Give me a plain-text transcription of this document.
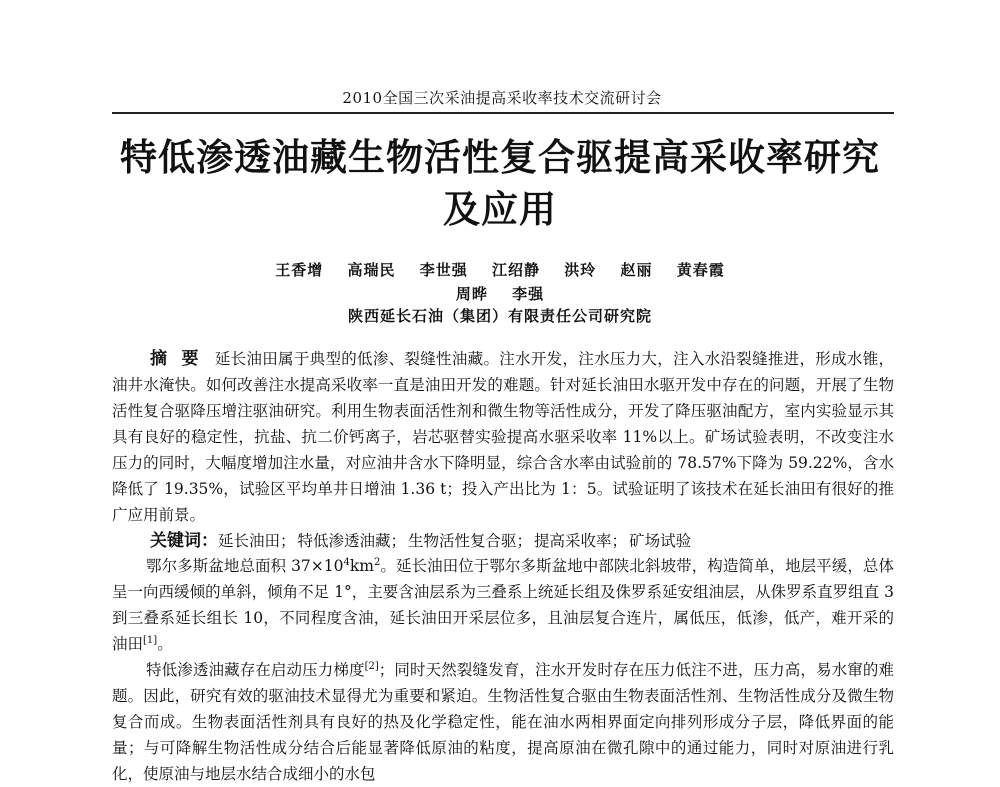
2010全国三次采油提高采收率技术交流研讨会
特低渗透油藏生物活性复合驱提高采收率研究
及应用
王香增 高瑞民 李世强 江绍静 洪玲 赵丽 黄春霞
周晔 李强
陕西延长石油（集团）有限责任公司研究院

摘 要 延长油田属于典型的低渗、裂缝性油藏。注水开发，注水压力大，注入水沿裂缝推进，形成水锥，油井水淹快。如何改善注水提高采收率一直是油田开发的难题。针对延长油田水驱开发中存在的问题，开展了生物活性复合驱降压增注驱油研究。利用生物表面活性剂和微生物等活性成分，开发了降压驱油配方，室内实验显示其具有良好的稳定性，抗盐、抗二价钙离子，岩芯驱替实验提高水驱采收率 11%以上。矿场试验表明，不改变注水压力的同时，大幅度增加注水量，对应油井含水下降明显，综合含水率由试验前的 78.57%下降为 59.22%，含水降低了 19.35%，试验区平均单井日增油 1.36 t；投入产出比为 1：5。试验证明了该技术在延长油田有很好的推广应用前景。

关键词：延长油田； 特低渗透油藏； 生物活性复合驱； 提高采收率； 矿场试验

鄂尔多斯盆地总面积 $37\times 10^4km^2$。延长油田位于鄂尔多斯盆地中部陕北斜坡带，构造简单，地层平缓，总体呈一向西缓倾的单斜，倾角不足 1°，主要含油层系为三叠系上统延长组及侏罗系延安组油层，从侏罗系直罗组直 3 到三叠系延长组长 10，不同程度含油，延长油田开采层位多，且油层复合连片，属低压，低渗，低产，难开采的油田[1]。

特低渗透油藏存在启动压力梯度[2]；同时天然裂缝发育，注水开发时存在压力低注不进，压力高，易水窜的难题。因此，研究有效的驱油技术显得尤为重要和紧迫。生物活性复合驱由生物表面活性剂、生物活性成分及微生物复合而成。生物表面活性剂具有良好的热及化学稳定性，能在油水两相界面定向排列形成分子层，降低界面的能量；与可降解生物活性成分结合后能显著降低原油的粘度，提高原油在微孔隙中的通过能力，同时对原油进行乳化，使原油与地层水结合成细小的水包
